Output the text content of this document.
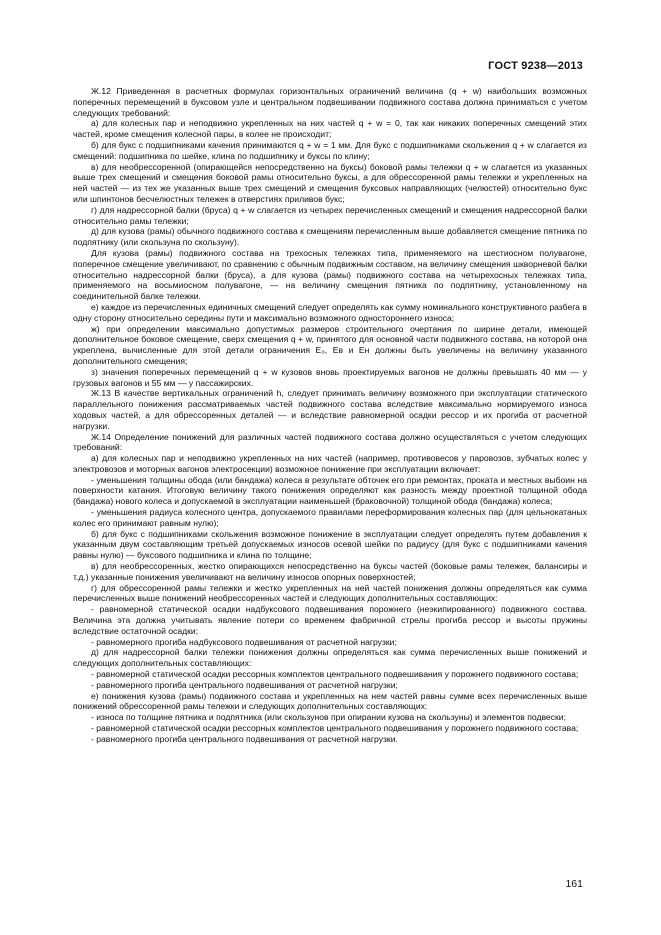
ГОСТ 9238—2013

Ж.12 Приведенная в расчетных формулах горизонтальных ограничений величина (q + w) наибольших возможных поперечных перемещений в буксовом узле и центральном подвешивании подвижного состава должна приниматься с учетом следующих требований:

а) для колесных пар и неподвижно укрепленных на них частей q + w = 0, так как никаких поперечных смещений этих частей, кроме смещения колесной пары, в колее не происходит;

б) для букс с подшипниками качения принимаются q + w = 1 мм. Для букс с подшипниками скольжения q + w слагается из смещений: подшипника по шейке, клина по подшипнику и буксы по клину;

в) для необрессоренной (опирающейся непосредственно на буксы) боковой рамы тележки q + w слагается из указанных выше трех смещений и смещения боковой рамы относительно буксы, а для обрессоренной рамы тележки и укрепленных на ней частей — из тех же указанных выше трех смещений и смещения буксовых направляющих (челюстей) относительно букс или шпинтонов бесчелюстных тележек в отверстиях приливов букс;

г) для надрессорной балки (бруса) q + w слагается из четырех перечисленных смещений и смещения надрессорной балки относительно рамы тележки;

д) для кузова (рамы) обычного подвижного состава к смещениям перечисленным выше добавляется смещение пятника по подпятнику (или скользуна по скользуну).

Для кузова (рамы) подвижного состава на трехосных тележках типа, применяемого на шестиосном полувагоне, поперечное смещение увеличивают, по сравнению с обычным подвижным составом, на величину смещения шкворневой балки относительно надрессорной балки (бруса), а для кузова (рамы) подвижного состава на четырехосных тележках типа, применяемого на восьмиосном полувагоне, — на величину смещения пятника по подпятнику, установленному на соединительной балке тележки.

е) каждое из перечисленных единичных смещений следует определять как сумму номинального конструктивного разбега в одну сторону относительно середины пути и максимально возможного одностороннего износа;

ж) при определении максимально допустимых размеров строительного очертания по ширине детали, имеющей дополнительное боковое смещение, сверх смещения q + w, принятого для основной части подвижного состава, на которой она укреплена, вычисленные для этой детали ограничения E₀, Eв и Eн должны быть увеличены на величину указанного дополнительного смещения;

з) значения поперечных перемещений q + w кузовов вновь проектируемых вагонов не должны превышать 40 мм — у грузовых вагонов и 55 мм — у пассажирских.

Ж.13 В качестве вертикальных ограничений h, следует принимать величину возможного при эксплуатации статического параллельного понижения рассматриваемых частей подвижного состава вследствие максимально нормируемого износа ходовых частей, а для обрессоренных деталей — и вследствие равномерной осадки рессор и их прогиба от расчетной нагрузки.

Ж.14 Определение понижений для различных частей подвижного состава должно осуществляться с учетом следующих требований:

а) для колесных пар и неподвижно укрепленных на них частей (например, противовесов у паровозов, зубчатых колес у электровозов и моторных вагонов электросекции) возможное понижение при эксплуатации включает:

- уменьшения толщины обода (или бандажа) колеса в результате обточек его при ремонтах, проката и местных выбоин на поверхности катания. Итоговую величину такого понижения определяют как разность между проектной толщиной обода (бандажа) нового колеса и допускаемой в эксплуатации наименьшей (браковочной) толщиной обода (бандажа) колеса;

- уменьшения радиуса колесного центра, допускаемого правилами переформирования колесных пар (для цельнокатаных колес его принимают равным нулю);

б) для букс с подшипниками скольжения возможное понижение в эксплуатации следует определять путем добавления к указанным двум составляющим третьей допускаемых износов осевой шейки по радиусу (для букс с подшипниками качения равны нулю) — буксового подшипника и клина по толщине;

в) для необрессоренных, жестко опирающихся непосредственно на буксы частей (боковые рамы тележек, балансиры и т.д.) указанные понижения увеличивают на величину износов опорных поверхностей;

г) для обрессоренной рамы тележки и жестко укрепленных на ней частей понижения должны определяться как сумма перечисленных выше понижений необрессоренных частей и следующих дополнительных составляющих:

- равномерной статической осадки надбуксового подвешивания порожнего (неэкипированного) подвижного состава. Величина эта должна учитывать явление потери со временем фабричной стрелы прогиба рессор и высоты пружины вследствие остаточной осадки;

- равномерного прогиба надбуксового подвешивания от расчетной нагрузки;

д) для надрессорной балки тележки понижения должны определяться как сумма перечисленных выше понижений и следующих дополнительных составляющих:

- равномерной статической осадки рессорных комплектов центрального подвешивания у порожнего подвижного состава;

- равномерного прогиба центрального подвешивания от расчетной нагрузки;

е) понижения кузова (рамы) подвижного состава и укрепленных на нем частей равны сумме всех перечисленных выше понижений обрессоренной рамы тележки и следующих дополнительных составляющих:

- износа по толщине пятника и подпятника (или скользунов при опирании кузова на скользуны) и элементов подвески;

- равномерной статической осадки рессорных комплектов центрального подвешивания у порожнего подвижного состава;

- равномерного прогиба центрального подвешивания от расчетной нагрузки.

161
